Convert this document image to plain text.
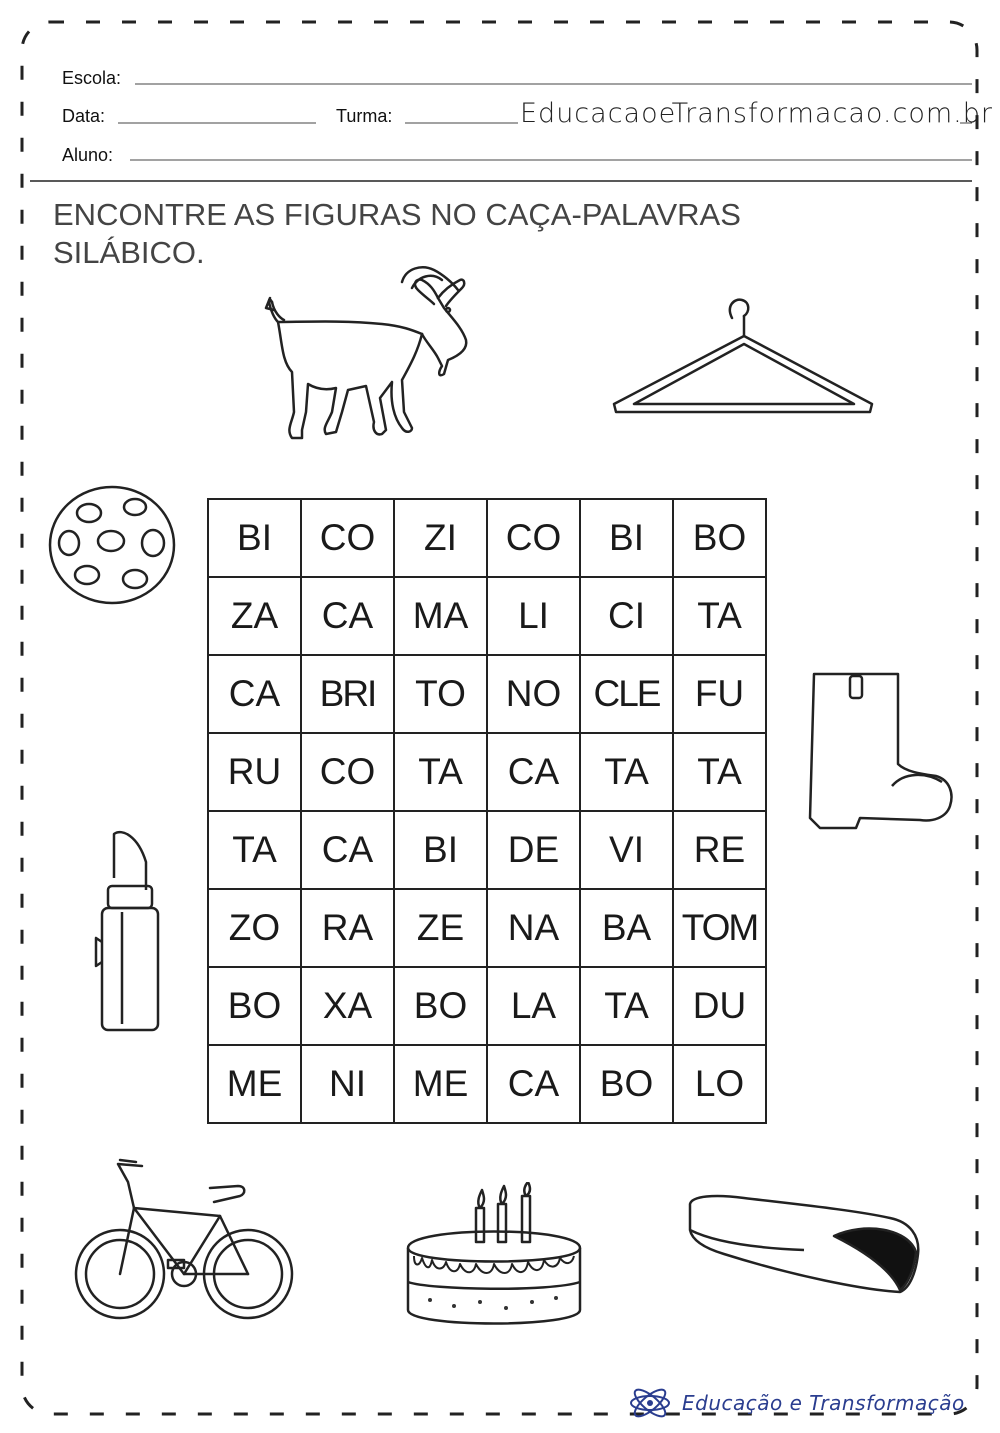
Escola:
Data:	Turma:
Aluno:
EducacaoeTransformacao.com.br
ENCONTRE AS FIGURAS NO CAÇA-PALAVRAS
SILÁBICO.
BI	CO	ZI	CO	BI	BO
ZA	CA	MA	LI	CI	TA
CA	BRI	TO	NO	CLE	FU
RU	CO	TA	CA	TA	TA
TA	CA	BI	DE	VI	RE
ZO	RA	ZE	NA	BA	TOM
BO	XA	BO	LA	TA	DU
ME	NI	ME	CA	BO	LO
Educação e Transformação
